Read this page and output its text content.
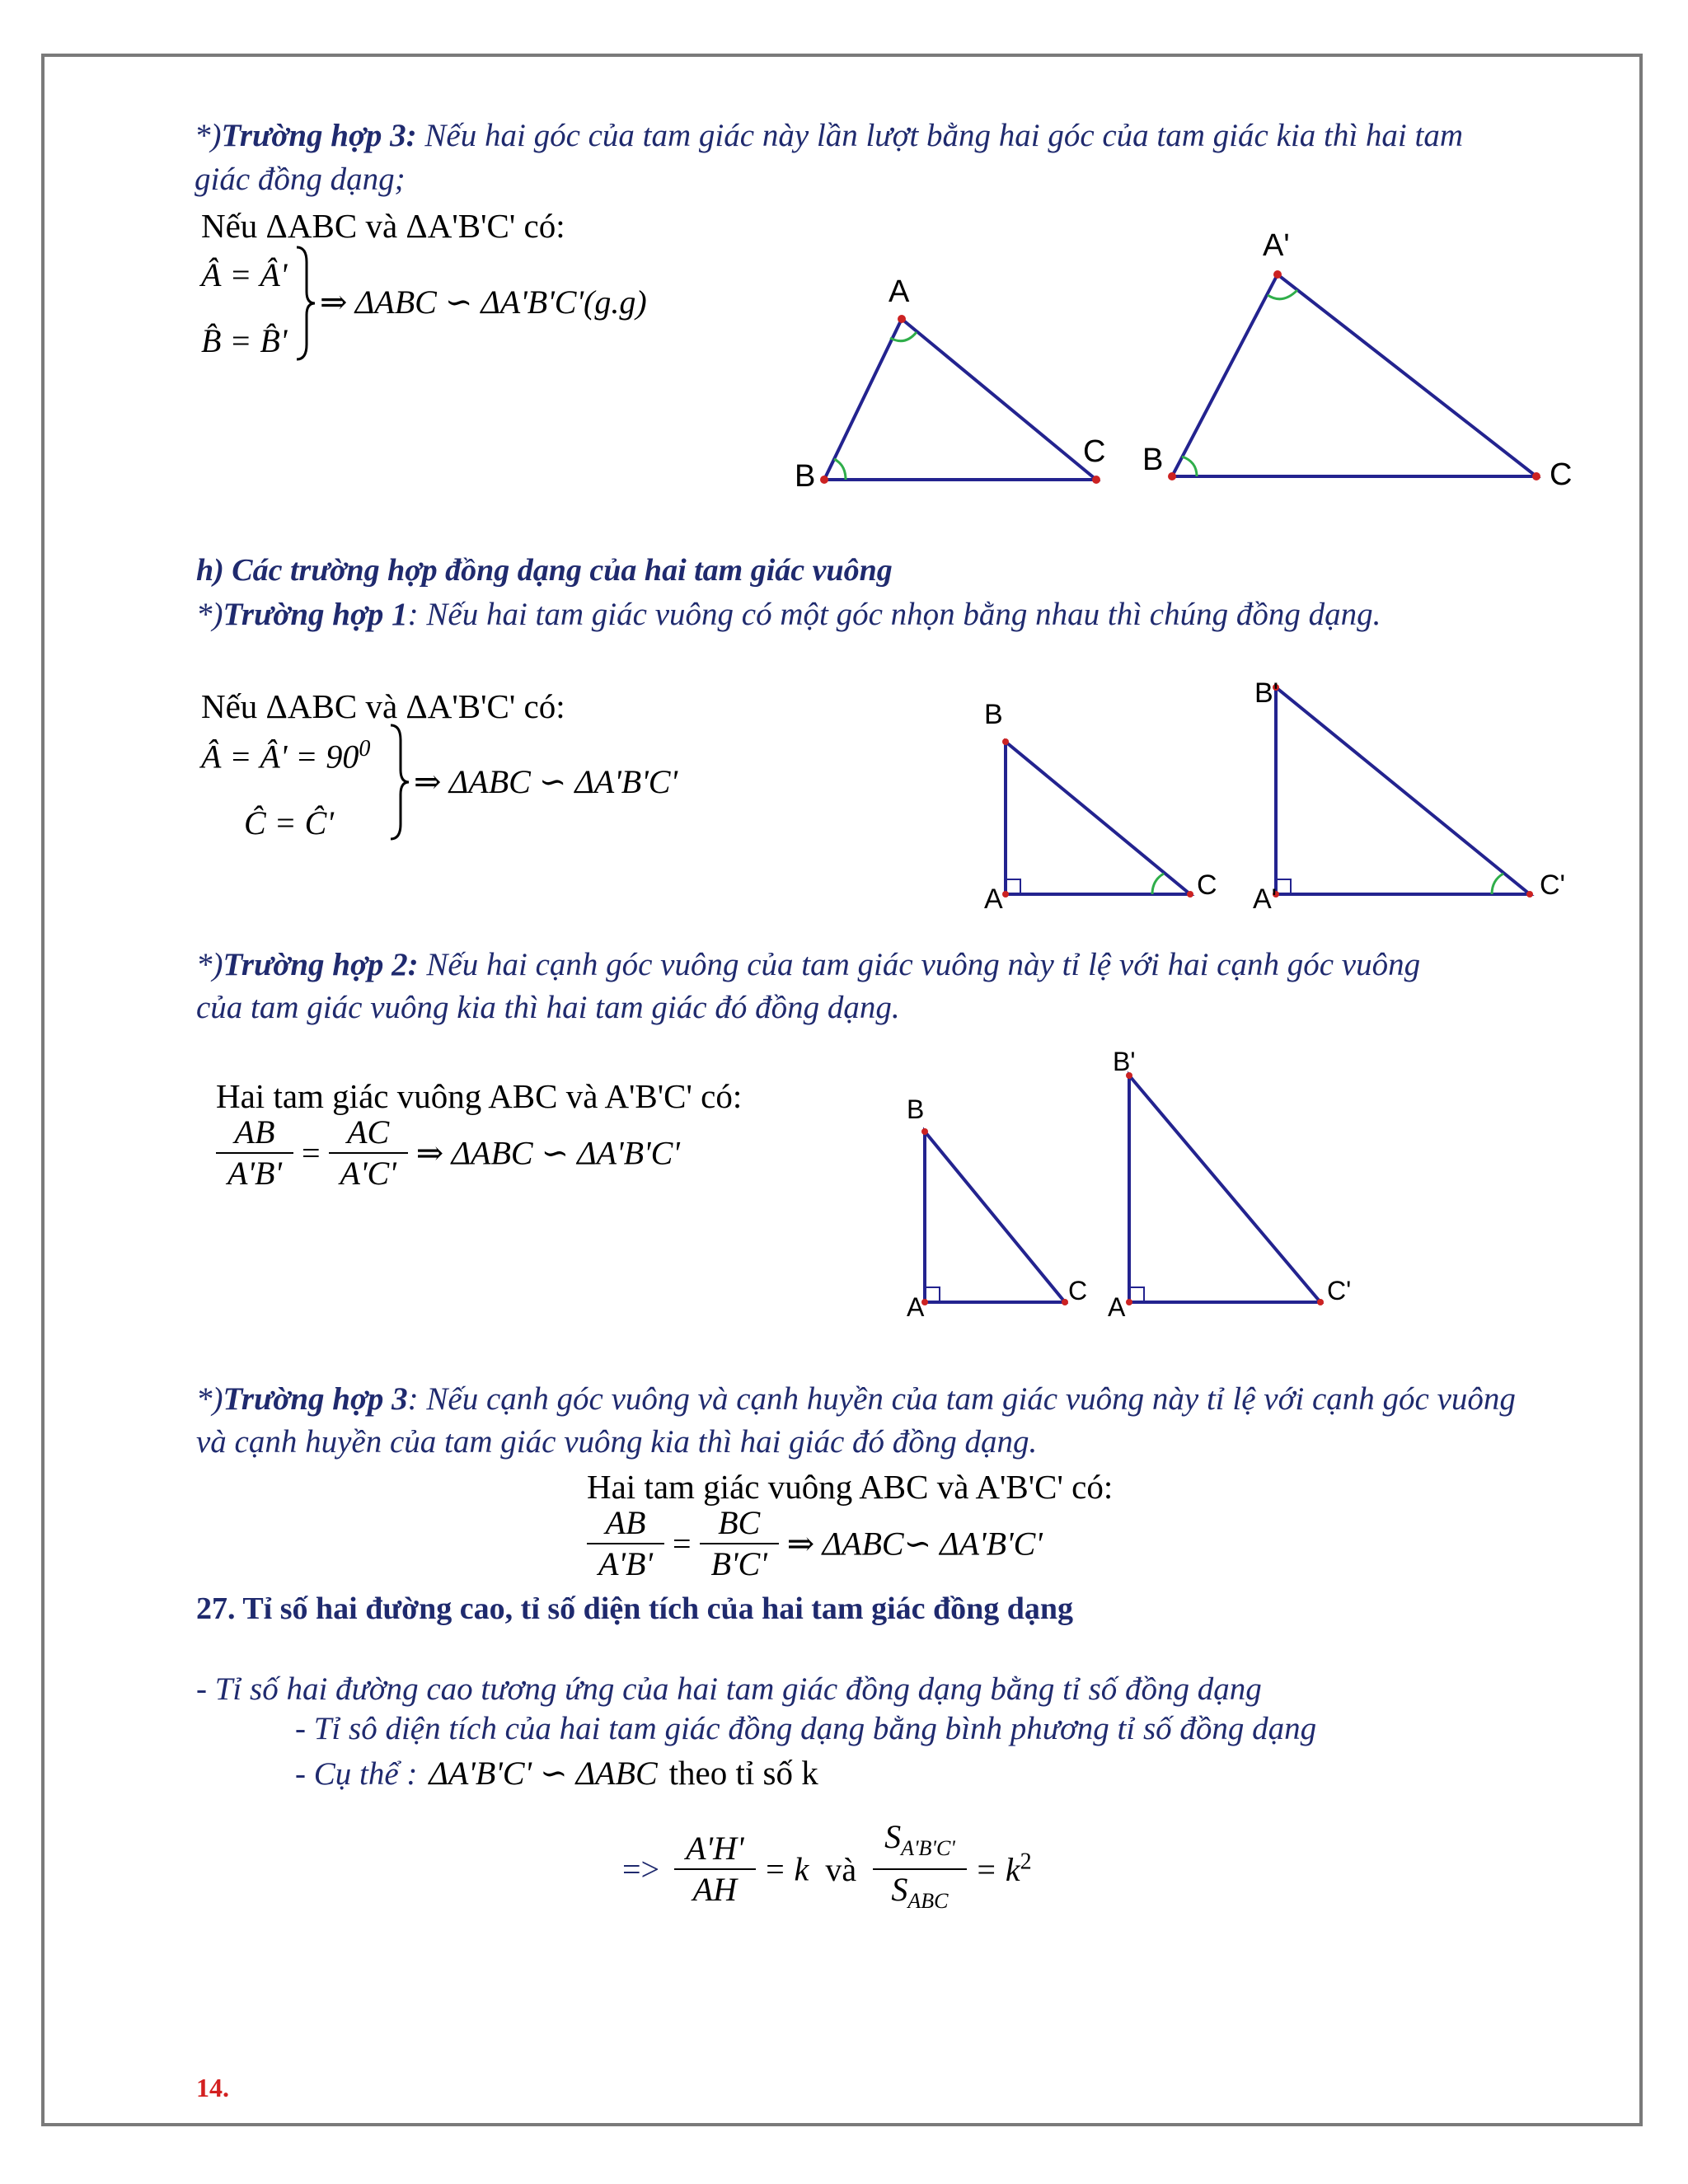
*)Trường hợp 3: Nếu hai góc của tam giác này lần lượt bằng hai góc của tam giác kia thì hai tam
giác đồng dạng;
Nếu ΔABC và ΔA'B'C' có:
Â = Â'
B̂ = B̂'
⇒ ΔABC ∽ ΔA'B'C'(g.g)	A
B
C
A'
B	C
h) Các trường hợp đồng dạng của hai tam giác vuông
*)Trường hợp 1: Nếu hai tam giác vuông có một góc nhọn bằng nhau thì chúng đồng dạng.
Nếu ΔABC và ΔA'B'C' có:
Â = Â' = $90^0$
Ĉ = Ĉ'
⇒ ΔABC ∽ ΔA'B'C'
B
A	C
B'
A'	C'
*)Trường hợp 2: Nếu hai cạnh góc vuông của tam giác vuông này tỉ lệ với hai cạnh góc vuông
của tam giác vuông kia thì hai tam giác đó đồng dạng.
Hai tam giác vuông ABC và A'B'C' có:
$\frac{AB}{A'B'} = \frac{AC}{A'C'}$ ⇒ ΔABC ∽ ΔA'B'C'
B
A
C
B'
A
C'
*)Trường hợp 3: Nếu cạnh góc vuông và cạnh huyền của tam giác vuông này tỉ lệ với cạnh góc vuông
và cạnh huyền của tam giác vuông kia thì hai giác đó đồng dạng.
Hai tam giác vuông ABC và A'B'C' có:
$\frac{AB}{A'B'} = \frac{BC}{B'C'}$ ⇒ ΔABC∽ ΔA'B'C'
27. Tỉ số hai đường cao, tỉ số diện tích của hai tam giác đồng dạng
- Tỉ số hai đường cao tương ứng của hai tam giác đồng dạng bằng tỉ số đồng dạng
- Tỉ sô diện tích của hai tam giác đồng dạng bằng bình phương tỉ số đồng dạng
- Cụ thể : ΔA'B'C' ∽ ΔABC theo tỉ số k
=> $\frac{A'H'}{AH} = k$ và $\frac{S_{A'B'C'}}{S_{ABC}} = k^2$
14.
